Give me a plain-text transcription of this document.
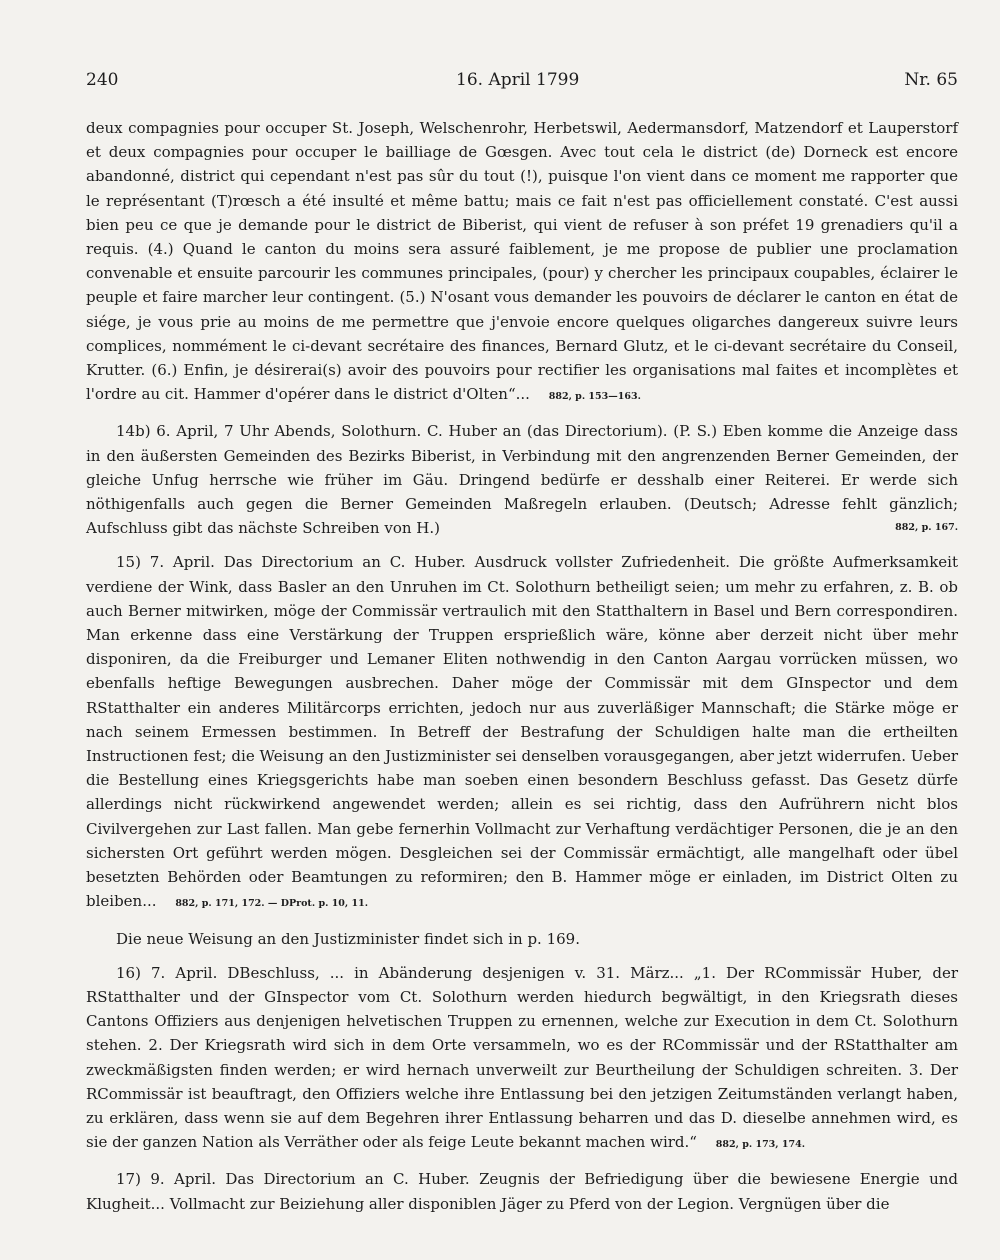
240	16. April 1799	Nr. 65

deux compagnies pour occuper St. Joseph, Welschenrohr, Herbetswil, Aedermansdorf, Matzendorf et Lauperstorf et deux compagnies pour occuper le bailliage de Gœsgen. Avec tout cela le district (de) Dorneck est encore abandonné, district qui cependant n'est pas sûr du tout (!), puisque l'on vient dans ce moment me rapporter que le représentant (T)rœsch a été insulté et même battu; mais ce fait n'est pas officiellement constaté. C'est aussi bien peu ce que je demande pour le district de Biberist, qui vient de refuser à son préfet 19 grenadiers qu'il a requis. (4.) Quand le canton du moins sera assuré faiblement, je me propose de publier une proclamation convenable et ensuite parcourir les communes principales, (pour) y chercher les principaux coupables, éclairer le peuple et faire marcher leur contingent. (5.) N'osant vous demander les pouvoirs de déclarer le canton en état de siége, je vous prie au moins de me permettre que j'envoie encore quelques oligarches dangereux suivre leurs complices, nommément le ci-devant secrétaire des finances, Bernard Glutz, et le ci-devant secrétaire du Conseil, Krutter. (6.) Enfin, je désirerai(s) avoir des pouvoirs pour rectifier les organisations mal faites et incomplètes et l'ordre au cit. Hammer d'opérer dans le district d'Olten“... 882, p. 153—163.

14b) 6. April, 7 Uhr Abends, Solothurn. C. Huber an (das Directorium). (P. S.) Eben komme die Anzeige dass in den äußersten Gemeinden des Bezirks Biberist, in Verbindung mit den angrenzenden Berner Gemeinden, der gleiche Unfug herrsche wie früher im Gäu. Dringend bedürfe er desshalb einer Reiterei. Er werde sich nöthigenfalls auch gegen die Berner Gemeinden Maßregeln erlauben. (Deutsch; Adresse fehlt gänzlich; Aufschluss gibt das nächste Schreiben von H.)	882, p. 167.

15) 7. April. Das Directorium an C. Huber. Ausdruck vollster Zufriedenheit. Die größte Aufmerksamkeit verdiene der Wink, dass Basler an den Unruhen im Ct. Solothurn betheiligt seien; um mehr zu erfahren, z. B. ob auch Berner mitwirken, möge der Commissär vertraulich mit den Statthaltern in Basel und Bern correspondiren. Man erkenne dass eine Verstärkung der Truppen ersprießlich wäre, könne aber derzeit nicht über mehr disponiren, da die Freiburger und Lemaner Eliten nothwendig in den Canton Aargau vorrücken müssen, wo ebenfalls heftige Bewegungen ausbrechen. Daher möge der Commissär mit dem GInspector und dem RStatthalter ein anderes Militärcorps errichten, jedoch nur aus zuverläßiger Mannschaft; die Stärke möge er nach seinem Ermessen bestimmen. In Betreff der Bestrafung der Schuldigen halte man die ertheilten Instructionen fest; die Weisung an den Justizminister sei denselben vorausgegangen, aber jetzt widerrufen. Ueber die Bestellung eines Kriegsgerichts habe man soeben einen besondern Beschluss gefasst. Das Gesetz dürfe allerdings nicht rückwirkend angewendet werden; allein es sei richtig, dass den Aufrührern nicht blos Civilvergehen zur Last fallen. Man gebe fernerhin Vollmacht zur Verhaftung verdächtiger Personen, die je an den sichersten Ort geführt werden mögen. Desgleichen sei der Commissär ermächtigt, alle mangelhaft oder übel besetzten Behörden oder Beamtungen zu reformiren; den B. Hammer möge er einladen, im District Olten zu bleiben... 882, p. 171, 172. — DProt. p. 10, 11.

Die neue Weisung an den Justizminister findet sich in p. 169.

16) 7. April. DBeschluss, ... in Abänderung desjenigen v. 31. März... „1. Der RCommissär Huber, der RStatthalter und der GInspector vom Ct. Solothurn werden hiedurch begwältigt, in den Kriegsrath dieses Cantons Offiziers aus denjenigen helvetischen Truppen zu ernennen, welche zur Execution in dem Ct. Solothurn stehen. 2. Der Kriegsrath wird sich in dem Orte versammeln, wo es der RCommissär und der RStatthalter am zweckmäßigsten finden werden; er wird hernach unverweilt zur Beurtheilung der Schuldigen schreiten. 3. Der RCommissär ist beauftragt, den Offiziers welche ihre Entlassung bei den jetzigen Zeitumständen verlangt haben, zu erklären, dass wenn sie auf dem Begehren ihrer Entlassung beharren und das D. dieselbe annehmen wird, es sie der ganzen Nation als Verräther oder als feige Leute bekannt machen wird.“ 882, p. 173, 174.

17) 9. April. Das Directorium an C. Huber. Zeugnis der Befriedigung über die bewiesene Energie und Klugheit... Vollmacht zur Beiziehung aller disponiblen Jäger zu Pferd von der Legion. Vergnügen über die
